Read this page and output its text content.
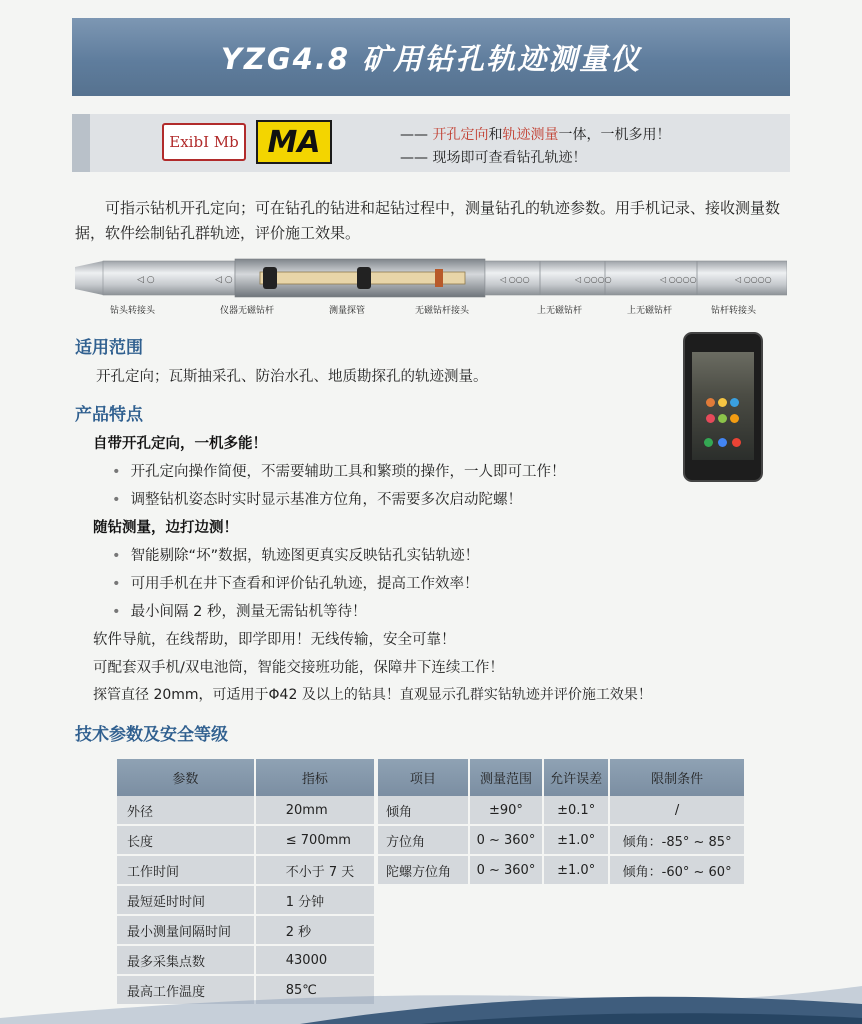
YZG4.8 矿用钻孔轨迹测量仪
ExibI Mb MA	—— 开孔定向和轨迹测量一体，一机多用！
—— 现场即可查看钻孔轨迹！

可指示钻机开孔定向；可在钻孔的钻进和起钻过程中，测量钻孔的轨迹参数。用手机记录、接收测量数据，软件绘制钻孔群轨迹，评价施工效果。

◁ ○	◁ ○	◁ ○○○	◁ ○○○○	◁ ○○○○	◁ ○○○○
钻头转接头	仪器无磁钻杆	测量探管	无磁钻杆接头	上无磁钻杆	上无磁钻杆	钻杆转接头
适用范围
开孔定向；瓦斯抽采孔、防治水孔、地质勘探孔的轨迹测量。
产品特点
自带开孔定向，一机多能！
• 开孔定向操作简便，不需要辅助工具和繁琐的操作，一人即可工作！
• 调整钻机姿态时实时显示基准方位角，不需要多次启动陀螺！
随钻测量，边打边测！
• 智能剔除“坏”数据，轨迹图更真实反映钻孔实钻轨迹！
• 可用手机在井下查看和评价钻孔轨迹，提高工作效率！
• 最小间隔 2 秒，测量无需钻机等待！
软件导航，在线帮助，即学即用！无线传输，安全可靠！
可配套双手机/双电池筒，智能交接班功能，保障井下连续工作！
探管直径 20mm，可适用于Φ42 及以上的钻具！直观显示孔群实钻轨迹并评价施工效果！
技术参数及安全等级
参数	指标
外径	20mm
长度	≤ 700mm
工作时间	不小于 7 天
最短延时时间	1 分钟
最小测量间隔时间	2 秒
最多采集点数	43000
最高工作温度	85℃
项目	测量范围	允许误差	限制条件
倾角	±90°	±0.1°	/
方位角	0 ~ 360°	±1.0°	倾角：-85° ~ 85°
陀螺方位角	0 ~ 360°	±1.0°	倾角：-60° ~ 60°
